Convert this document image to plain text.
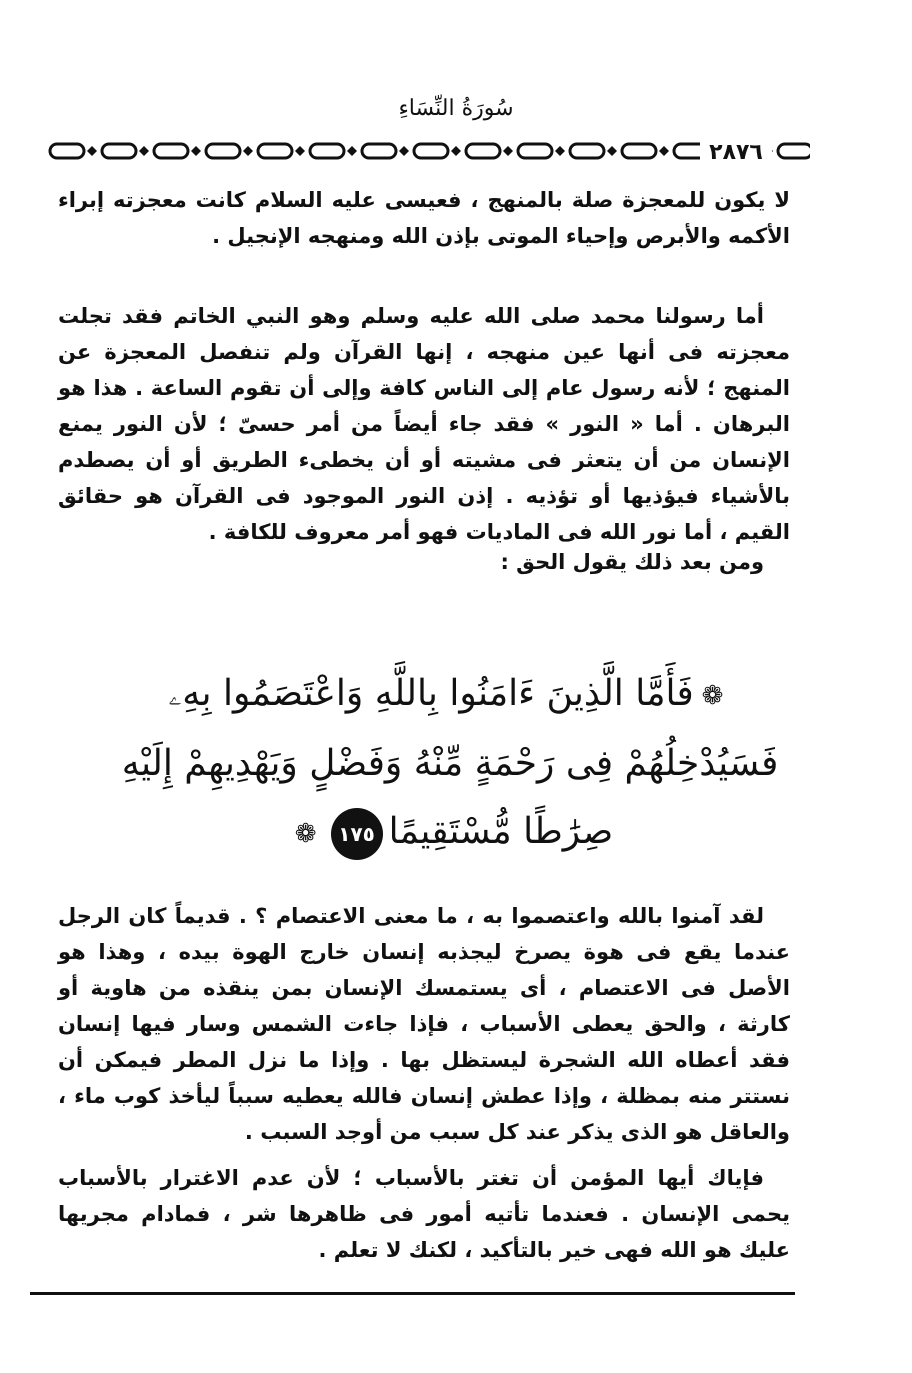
سُورَةُ النِّسَاءِ
٢٨٧٦
لا يكون للمعجزة صلة بالمنهج ، فعيسى عليه السلام كانت معجزته إبراء الأكمه والأبرص وإحياء الموتى بإذن الله ومنهجه الإنجيل .
أما رسولنا محمد صلى الله عليه وسلم وهو النبي الخاتم فقد تجلت معجزته فى أنها عين منهجه ، إنها القرآن ولم تنفصل المعجزة عن المنهج ؛ لأنه رسول عام إلى الناس كافة وإلى أن تقوم الساعة . هذا هو البرهان . أما « النور » فقد جاء أيضاً من أمر حسىّ ؛ لأن النور يمنع الإنسان من أن يتعثر فى مشيته أو أن يخطىء الطريق أو أن يصطدم بالأشياء فيؤذيها أو تؤذيه . إذن النور الموجود فى القرآن هو حقائق القيم ، أما نور الله فى الماديات فهو أمر معروف للكافة .
ومن بعد ذلك يقول الحق :
❁فَأَمَّا الَّذِينَ ءَامَنُوا بِاللَّهِ وَاعْتَصَمُوا بِهِۦ
فَسَيُدْخِلُهُمْ فِى رَحْمَةٍ مِّنْهُ وَفَضْلٍ وَيَهْدِيهِمْ إِلَيْهِ
صِرَٰطًا مُّسْتَقِيمًا١٧٥❁
لقد آمنوا بالله واعتصموا به ، ما معنى الاعتصام ؟ . قديماً كان الرجل عندما يقع فى هوة يصرخ ليجذبه إنسان خارج الهوة بيده ، وهذا هو الأصل فى الاعتصام ، أى يستمسك الإنسان بمن ينقذه من هاوية أو كارثة ، والحق يعطى الأسباب ، فإذا جاءت الشمس وسار فيها إنسان فقد أعطاه الله الشجرة ليستظل بها . وإذا ما نزل المطر فيمكن أن نستتر منه بمظلة ، وإذا عطش إنسان فالله يعطيه سبباً ليأخذ كوب ماء ، والعاقل هو الذى يذكر عند كل سبب من أوجد السبب .
فإياك أيها المؤمن أن تغتر بالأسباب ؛ لأن عدم الاغترار بالأسباب يحمى الإنسان . فعندما تأتيه أمور فى ظاهرها شر ، فمادام مجريها عليك هو الله فهى خير بالتأكيد ، لكنك لا تعلم .
